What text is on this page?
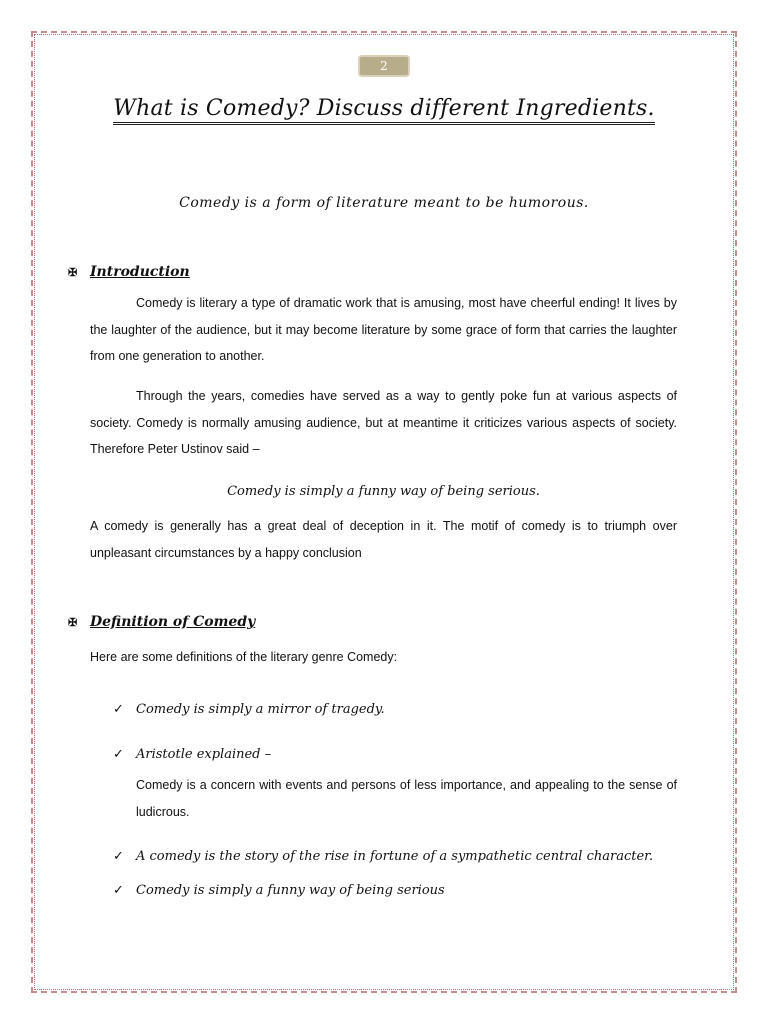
2
What is Comedy? Discuss different Ingredients.
Comedy is a form of literature meant to be humorous.
✠ Introduction

Comedy is literary a type of dramatic work that is amusing, most have cheerful ending! It lives by the laughter of the audience, but it may become literature by some grace of form that carries the laughter from one generation to another.

Through the years, comedies have served as a way to gently poke fun at various aspects of society. Comedy is normally amusing audience, but at meantime it criticizes various aspects of society. Therefore Peter Ustinov said –

Comedy is simply a funny way of being serious.

A comedy is generally has a great deal of deception in it. The motif of comedy is to triumph over unpleasant circumstances by a happy conclusion

✠ Definition of Comedy

Here are some definitions of the literary genre Comedy:

✓ Comedy is simply a mirror of tragedy.
✓ Aristotle explained –

Comedy is a concern with events and persons of less importance, and appealing to the sense of ludicrous.

✓ A comedy is the story of the rise in fortune of a sympathetic central character.
✓ Comedy is simply a funny way of being serious
